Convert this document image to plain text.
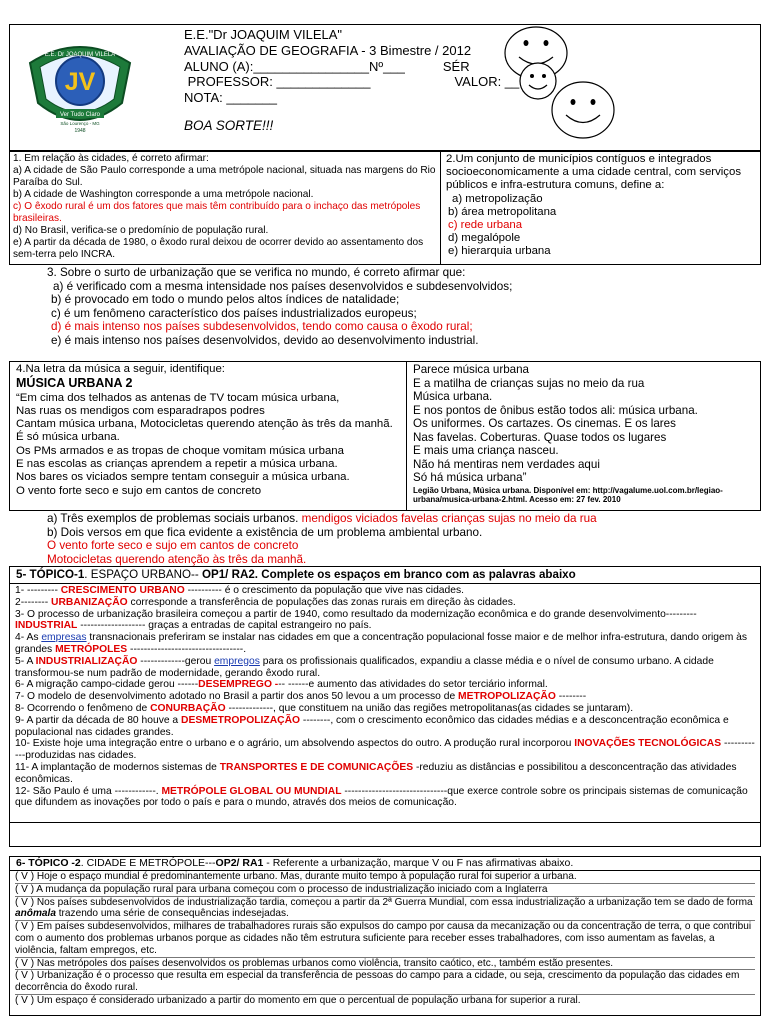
JV
E.E. Dr JOAQUIM VILELA
Ver Tudo Claro
São Lourenço - MG
1948
E.E."Dr JOAQUIM VILELA"
AVALIAÇÃO DE GEOGRAFIA - 3 Bimestre / 2012
ALUNO (A):________________Nº___	SÉR
PROFESSOR: _____________	VALOR: __
NOTA: _______
BOA SORTE!!!
1. Em relação às cidades, é correto afirmar:
a) A cidade de São Paulo corresponde a uma metrópole nacional, situada nas margens do Rio Paraíba do Sul.
b) A cidade de Washington corresponde a uma metrópole nacional.
c) O êxodo rural é um dos fatores que mais têm contribuído para o inchaço das metrópoles brasileiras.
d) No Brasil, verifica-se o predomínio de população rural.
e) A partir da década de 1980, o êxodo rural deixou de ocorrer devido ao assentamento dos sem-terra pelo INCRA.
2.Um conjunto de municípios contíguos e integrados socioeconomicamente a uma cidade central, com serviços públicos e infra-estrutura comuns, define a:
a) metropolização
b) área metropolitana
c) rede urbana
d) megalópole
e) hierarquia urbana
3. Sobre o surto de urbanização que se verifica no mundo, é correto afirmar que:
a) é verificado com a mesma intensidade nos países desenvolvidos e subdesenvolvidos;
b) é provocado em todo o mundo pelos altos índices de natalidade;
c) é um fenômeno característico dos países industrializados europeus;
d) é mais intenso nos países subdesenvolvidos, tendo como causa o êxodo rural;
e) é mais intenso nos países desenvolvidos, devido ao desenvolvimento industrial.
4.Na letra da música a seguir, identifique:
MÚSICA URBANA 2
“Em cima dos telhados as antenas de TV tocam música urbana,
Nas ruas os mendigos com esparadrapos podres
Cantam música urbana, Motocicletas querendo atenção às três da manhã. É só música urbana.
Os PMs armados e as tropas de choque vomitam música urbana
E nas escolas as crianças aprendem a repetir a música urbana.
Nos bares os viciados sempre tentam conseguir a música urbana.
O vento forte seco e sujo em cantos de concreto
Parece música urbana
E a matilha de crianças sujas no meio da rua
Música urbana.
E nos pontos de ônibus estão todos ali: música urbana.
Os uniformes. Os cartazes. Os cinemas. E os lares
Nas favelas. Coberturas. Quase todos os lugares
E mais uma criança nasceu.
Não há mentiras nem verdades aqui
Só há música urbana”
Legião Urbana, Música urbana. Disponível em: http://vagalume.uol.com.br/legiao-urbana/musica-urbana-2.html. Acesso em: 27 fev. 2010
a) Três exemplos de problemas sociais urbanos. mendigos viciados favelas crianças sujas no meio da rua
b) Dois versos em que fica evidente a existência de um problema ambiental urbano.
O vento forte seco e sujo em cantos de concreto
Motocicletas querendo atenção às três da manhã.
5- TÓPICO-1. ESPAÇO URBANO-- OP1/ RA2. Complete os espaços em branco com as palavras abaixo
1- --------- CRESCIMENTO URBANO ---------- é o crescimento da população que vive nas cidades.
2-------- URBANIZAÇÃO corresponde a transferência de populações das zonas rurais em direção às cidades.
3- O processo de urbanização brasileira começou a partir de 1940, como resultado da modernização econômica e do grande desenvolvimento--------- INDUSTRIAL ------------------- graças a entradas de capital estrangeiro no país.
4- As empresas transnacionais preferiram se instalar nas cidades em que a concentração populacional fosse maior e de melhor infra-estrutura, dando origem às grandes METRÓPOLES ---------------------------------.
5- A INDUSTRIALIZAÇÃO -------------gerou empregos para os profissionais qualificados, expandiu a classe média e o nível de consumo urbano. A cidade transformou-se num padrão de modernidade, gerando êxodo rural.
6- A migração campo-cidade gerou ------DESEMPREGO --- ------e aumento das atividades do setor terciário informal.
7- O modelo de desenvolvimento adotado no Brasil a partir dos anos 50 levou a um processo de METROPOLIZAÇÃO --------
8- Ocorrendo o fenômeno de CONURBAÇÃO -------------, que constituem na união das regiões metropolitanas(as cidades se juntaram).
9- A partir da década de 80 houve a DESMETROPOLIZAÇÃO --------, com o crescimento econômico das cidades médias e a desconcentração econômica e populacional nas cidades grandes.
10- Existe hoje uma integração entre o urbano e o agrário, um absolvendo aspectos do outro. A produção rural incorporou INOVAÇÕES TECNOLÓGICAS ------------produzidas nas cidades.
11- A implantação de modernos sistemas de TRANSPORTES E DE COMUNICAÇÕES -reduziu as distâncias e possibilitou a desconcentração das atividades econômicas.
12- São Paulo é uma ------------. METRÓPOLE GLOBAL OU MUNDIAL ------------------------------que exerce controle sobre os principais sistemas de comunicação que difundem as inovações por todo o país e para o mundo, através dos meios de comunicação.
6- TÓPICO -2. CIDADE E METRÓPOLE---OP2/ RA1 - Referente a urbanização, marque V ou F nas afirmativas abaixo.
( V ) Hoje o espaço mundial é predominantemente urbano. Mas, durante muito tempo à população rural foi superior a urbana.
( V ) A mudança da população rural para urbana começou com o processo de industrialização iniciado com a Inglaterra
( V ) Nos países subdesenvolvidos de industrialização tardia, começou a partir da 2ª Guerra Mundial, com essa industrialização a urbanização tem se dado de forma anômala trazendo uma série de consequências indesejadas.
( V ) Em países subdesenvolvidos, milhares de trabalhadores rurais são expulsos do campo por causa da mecanização ou da concentração de terra, o que contribui com o aumento dos problemas urbanos porque as cidades não têm estrutura suficiente para receber esses trabalhadores, com isso aumentam as favelas, a violência, faltam empregos, etc.
( V ) Nas metrópoles dos países desenvolvidos os problemas urbanos como violência, transito caótico, etc., também estão presentes.
( V ) Urbanização é o processo que resulta em especial da transferência de pessoas do campo para a cidade, ou seja, crescimento da população das cidades em decorrência do êxodo rural.
( V ) Um espaço é considerado urbanizado a partir do momento em que o percentual de população urbana for superior a rural.
